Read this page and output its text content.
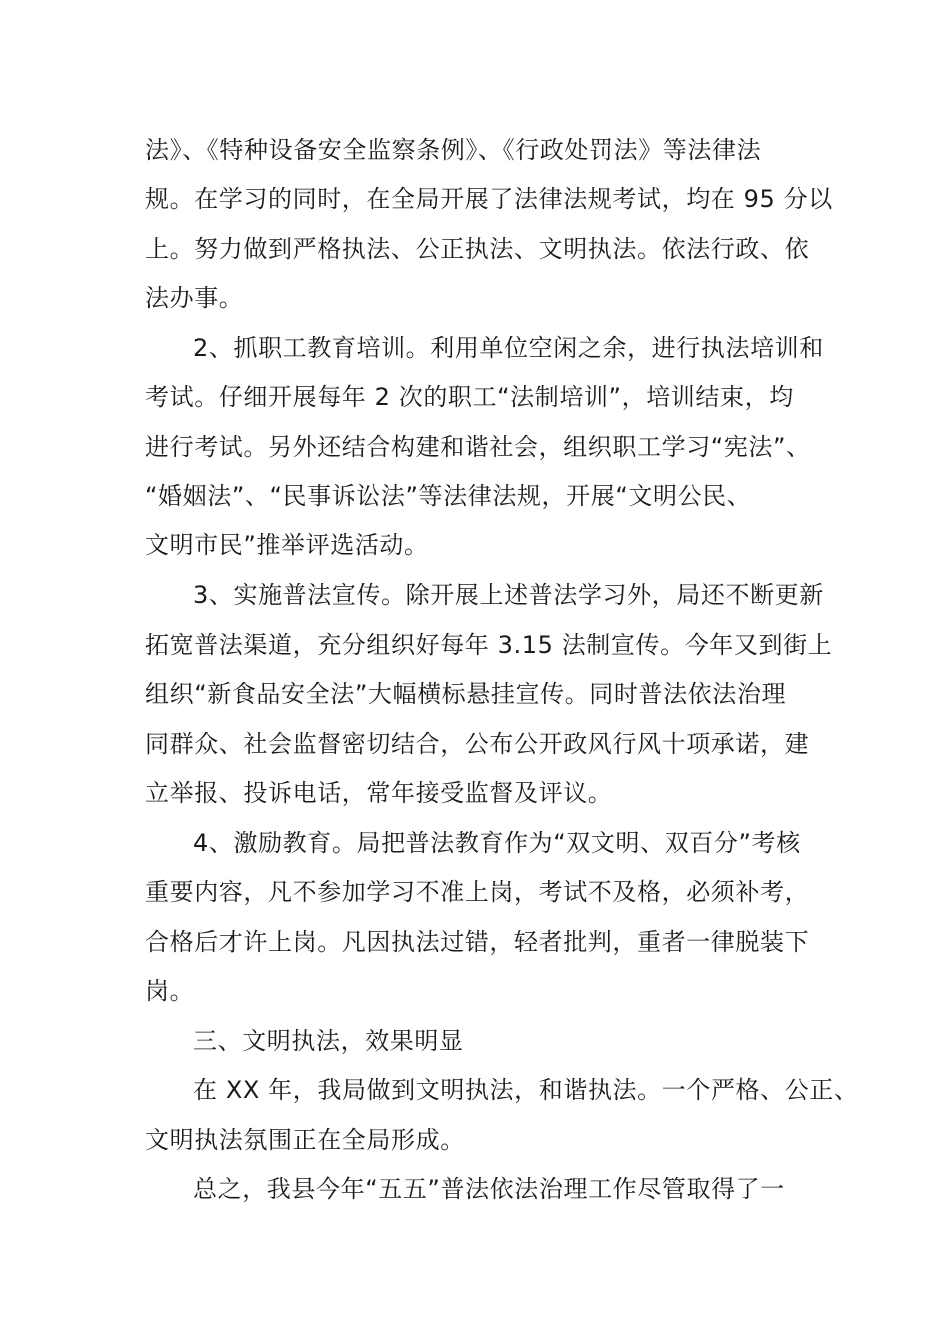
法》、《特种设备安全监察条例》、《行政处罚法》等法律法
规。在学习的同时，在全局开展了法律法规考试，均在 95 分以
上。努力做到严格执法、公正执法、文明执法。依法行政、依
法办事。
2、抓职工教育培训。利用单位空闲之余，进行执法培训和
考试。仔细开展每年 2 次的职工“法制培训”，培训结束，均
进行考试。另外还结合构建和谐社会，组织职工学习“宪法”、
“婚姻法”、“民事诉讼法”等法律法规，开展“文明公民、
文明市民”推举评选活动。
3、实施普法宣传。除开展上述普法学习外，局还不断更新
拓宽普法渠道，充分组织好每年 3.15 法制宣传。今年又到街上
组织“新食品安全法”大幅横标悬挂宣传。同时普法依法治理
同群众、社会监督密切结合，公布公开政风行风十项承诺，建
立举报、投诉电话，常年接受监督及评议。
4、激励教育。局把普法教育作为“双文明、双百分”考核
重要内容，凡不参加学习不准上岗，考试不及格，必须补考，
合格后才许上岗。凡因执法过错，轻者批判，重者一律脱装下
岗。
三、文明执法，效果明显
在 XX 年，我局做到文明执法，和谐执法。一个严格、公正、
文明执法氛围正在全局形成。
总之，我县今年“五五”普法依法治理工作尽管取得了一
